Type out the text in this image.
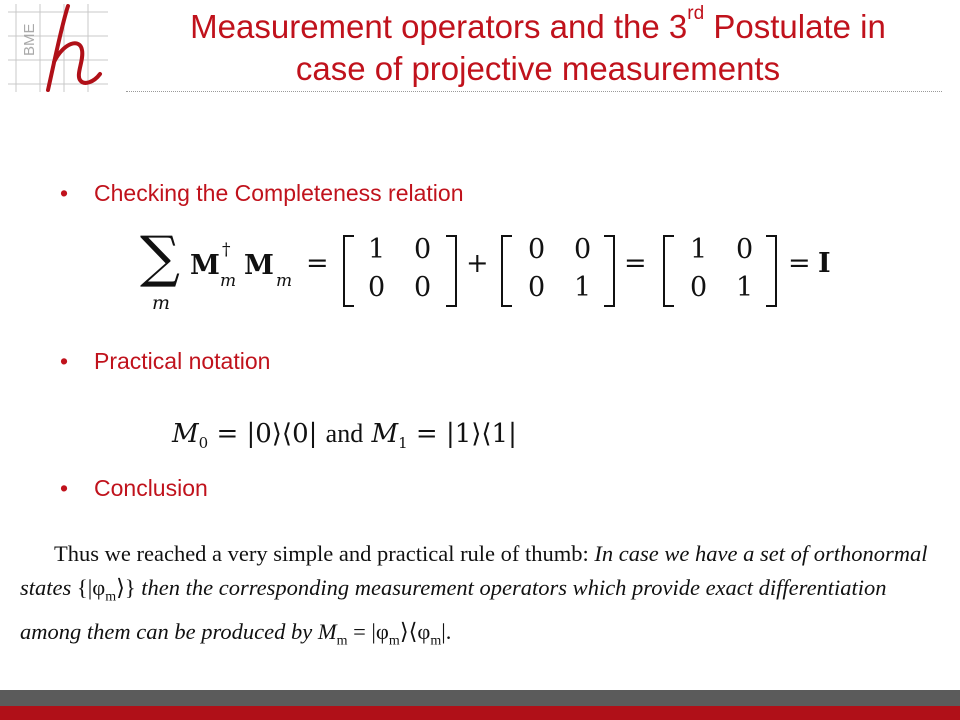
BME	Measurement operators and the 3rd Postulate in
case of projective measurements
• Checking the Completeness relation
∑
m
M †
m M m
= 1 0
0 0
+ 0 0
0 1
= 1 0
0 1
= I
• Practical notation
$M_0$ = |0⟩⟨0| and $M_1$ = |1⟩⟨1|
• Conclusion
Thus we reached a very simple and practical rule of thumb: In case we have a set of orthonormal states $\{|\varphi_m⟩\}$ then the corresponding measurement operators which provide exact differentiation among them can be produced by $M_m$ = $|\varphi_m⟩⟨\varphi_m|$.
